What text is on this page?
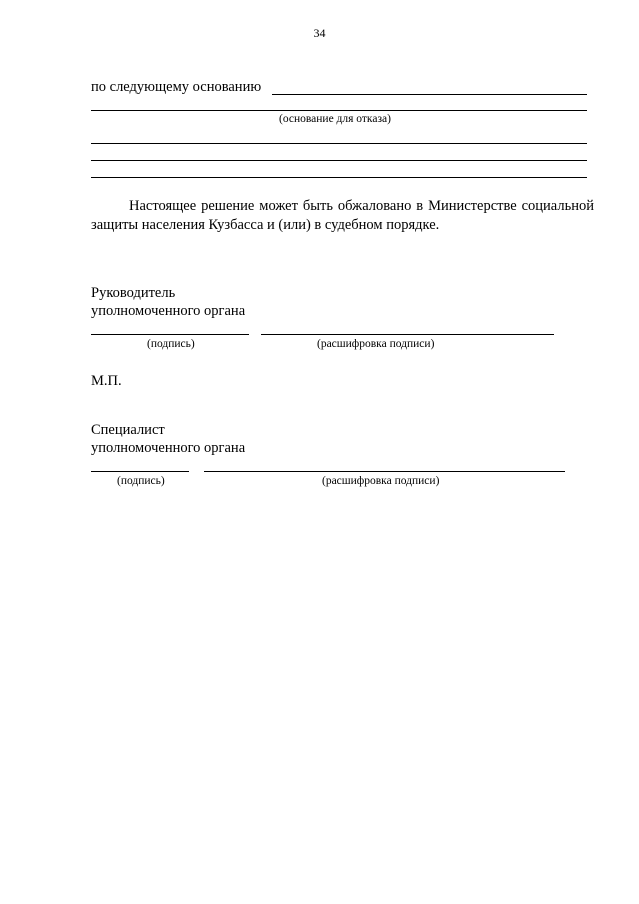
34
по следующему основанию
(основание для отказа)
Настоящее решение может быть обжаловано в Министерстве социальной защиты населения Кузбасса и (или) в судебном порядке.
Руководитель
уполномоченного органа
(подпись)	(расшифровка подписи)
М.П.
Специалист
уполномоченного органа
(подпись)	(расшифровка подписи)
